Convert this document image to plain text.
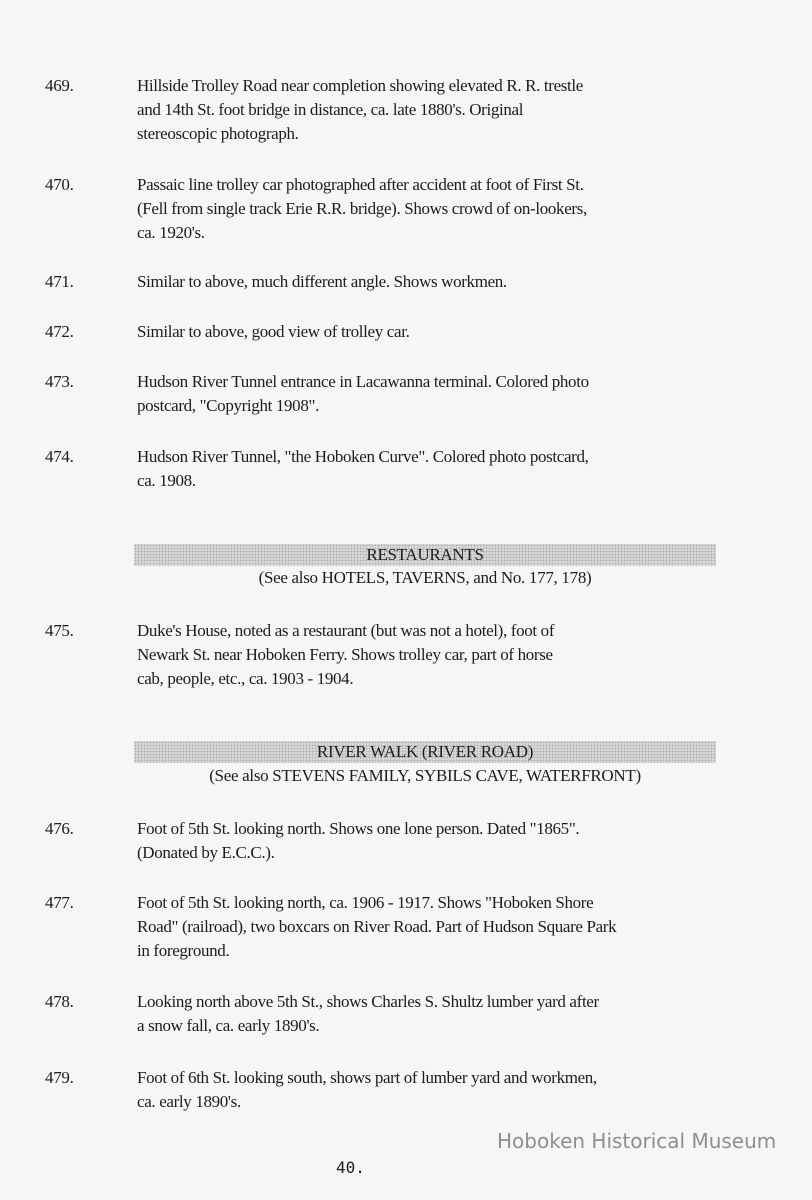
469.	Hillside Trolley Road near completion showing elevated R. R. trestle
and 14th St. foot bridge in distance, ca. late 1880's. Original
stereoscopic photograph.
470.	Passaic line trolley car photographed after accident at foot of First St.
(Fell from single track Erie R.R. bridge). Shows crowd of on-lookers,
ca. 1920's.
471.	Similar to above, much different angle. Shows workmen.
472.	Similar to above, good view of trolley car.
473.	Hudson River Tunnel entrance in Lacawanna terminal. Colored photo
postcard, "Copyright 1908".
474.	Hudson River Tunnel, "the Hoboken Curve". Colored photo postcard,
ca. 1908.
RESTAURANTS
(See also HOTELS, TAVERNS, and No. 177, 178)
475.	Duke's House, noted as a restaurant (but was not a hotel), foot of
Newark St. near Hoboken Ferry. Shows trolley car, part of horse
cab, people, etc., ca. 1903 - 1904.
RIVER WALK (RIVER ROAD)
(See also STEVENS FAMILY, SYBILS CAVE, WATERFRONT)
476.	Foot of 5th St. looking north. Shows one lone person. Dated "1865".
(Donated by E.C.C.).
477.	Foot of 5th St. looking north, ca. 1906 - 1917. Shows "Hoboken Shore
Road" (railroad), two boxcars on River Road. Part of Hudson Square Park
in foreground.
478.	Looking north above 5th St., shows Charles S. Shultz lumber yard after
a snow fall, ca. early 1890's.
479.	Foot of 6th St. looking south, shows part of lumber yard and workmen,
ca. early 1890's.
Hoboken Historical Museum
40.
